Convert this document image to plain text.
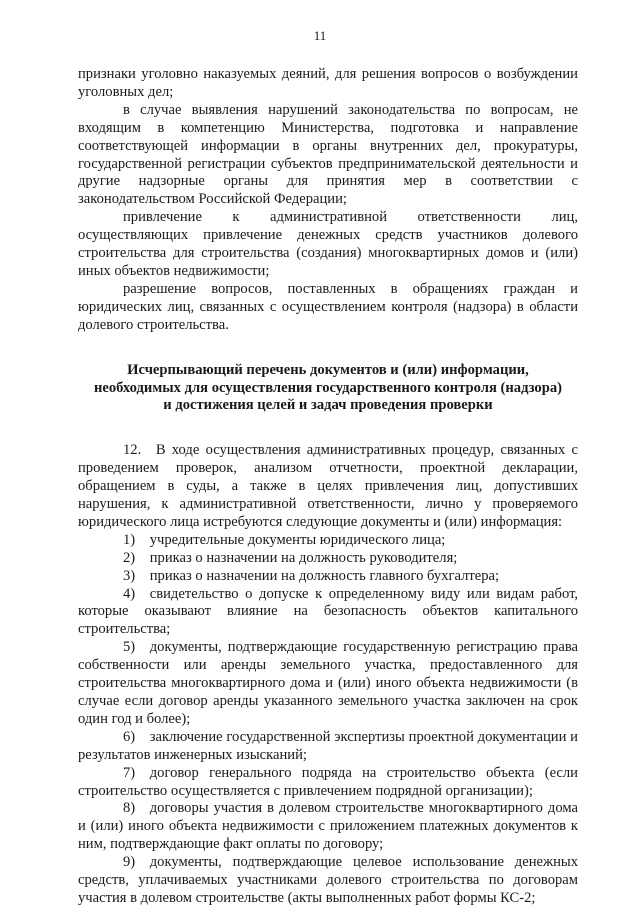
11

признаки уголовно наказуемых деяний, для решения вопросов о возбуждении уголовных дел;

в случае выявления нарушений законодательства по вопросам, не входящим в компетенцию Министерства, подготовка и направление соответствующей информации в органы внутренних дел, прокуратуры, государственной регистрации субъектов предпринимательской деятельности и другие надзорные органы для принятия мер в соответствии с законодательством Российской Федерации;

привлечение к административной ответственности лиц, осуществляющих привлечение денежных средств участников долевого строительства для строительства (создания) многоквартирных домов и (или) иных объектов недвижимости;

разрешение вопросов, поставленных в обращениях граждан и юридических лиц, связанных с осуществлением контроля (надзора) в области долевого строительства.

Исчерпывающий перечень документов и (или) информации,
необходимых для осуществления государственного контроля (надзора)
и достижения целей и задач проведения проверки

12. В ходе осуществления административных процедур, связанных с проведением проверок, анализом отчетности, проектной декларации, обращением в суды, а также в целях привлечения лиц, допустивших нарушения, к административной ответственности, лично у проверяемого юридического лица истребуются следующие документы и (или) информация:

1) учредительные документы юридического лица;

2) приказ о назначении на должность руководителя;

3) приказ о назначении на должность главного бухгалтера;

4) свидетельство о допуске к определенному виду или видам работ, которые оказывают влияние на безопасность объектов капитального строительства;

5) документы, подтверждающие государственную регистрацию права собственности или аренды земельного участка, предоставленного для строительства многоквартирного дома и (или) иного объекта недвижимости (в случае если договор аренды указанного земельного участка заключен на срок один год и более);

6) заключение государственной экспертизы проектной документации и результатов инженерных изысканий;

7) договор генерального подряда на строительство объекта (если строительство осуществляется с привлечением подрядной организации);

8) договоры участия в долевом строительстве многоквартирного дома и (или) иного объекта недвижимости с приложением платежных документов к ним, подтверждающие факт оплаты по договору;

9) документы, подтверждающие целевое использование денежных средств, уплачиваемых участниками долевого строительства по договорам участия в долевом строительстве (акты выполненных работ формы КС-2;
